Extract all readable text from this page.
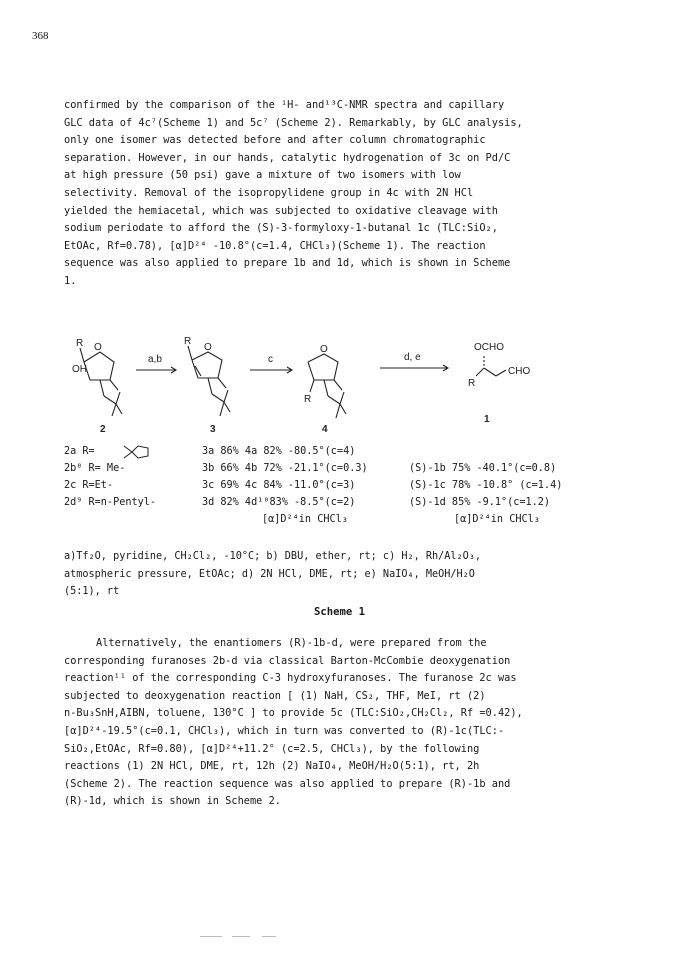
368
confirmed by the comparison of the ¹H- and¹³C-NMR spectra and capillary
GLC data of 4c⁷(Scheme 1) and 5c⁷ (Scheme 2). Remarkably, by GLC analysis,
only one isomer was detected before and after column chromatographic
separation. However, in our hands, catalytic hydrogenation of 3c on Pd/C
at high pressure (50 psi) gave a mixture of two isomers with low
selectivity. Removal of the isopropylidene group in 4c with 2N HCl
yielded the hemiacetal, which was subjected to oxidative cleavage with
sodium periodate to afford the (S)-3-formyloxy-1-butanal 1c (TLC:SiO₂,
EtOAc, Rf=0.78), [α]D²⁴ -10.8°(c=1.4, CHCl₃)(Scheme 1). The reaction
sequence was also applied to prepare 1b and 1d, which is shown in Scheme
1.
R O
OH
2
a,b
R
O
3
c
R
O
4
d, e
OCHO
CHO
R
1
2a R=	3a 86% 4a 82% -80.5°(c=4)
2b⁸ R= Me-	3b 66% 4b 72% -21.1°(c=0.3)	(S)-1b 75% -40.1°(c=0.8)
2c R=Et-	3c 69% 4c 84% -11.0°(c=3)	(S)-1c 78% -10.8° (c=1.4)
2d⁹ R=n-Pentyl-	3d 82% 4d¹⁰83% -8.5°(c=2)	(S)-1d 85% -9.1°(c=1.2)
[α]D²⁴in CHCl₃	[α]D²⁴in CHCl₃
a)Tf₂O, pyridine, CH₂Cl₂, -10°C; b) DBU, ether, rt; c) H₂, Rh/Al₂O₃,
atmospheric pressure, EtOAc; d) 2N HCl, DME, rt; e) NaIO₄, MeOH/H₂O
(5:1), rt
Scheme 1
Alternatively, the enantiomers (R)-1b-d, were prepared from the
corresponding furanoses 2b-d via classical Barton-McCombie deoxygenation
reaction¹¹ of the corresponding C-3 hydroxyfuranoses. The furanose 2c was
subjected to deoxygenation reaction [ (1) NaH, CS₂, THF, MeI, rt (2)
n-Bu₃SnH,AIBN, toluene, 130°C ] to provide 5c (TLC:SiO₂,CH₂Cl₂, Rf =0.42),
[α]D²⁴-19.5°(c=0.1, CHCl₃), which in turn was converted to (R)-1c(TLC:-
SiO₂,EtOAc, Rf=0.80), [α]D²⁴+11.2° (c=2.5, CHCl₃), by the following
reactions (1) 2N HCl, DME, rt, 12h (2) NaIO₄, MeOH/H₂O(5:1), rt, 2h
(Scheme 2). The reaction sequence was also applied to prepare (R)-1b and
(R)-1d, which is shown in Scheme 2.
